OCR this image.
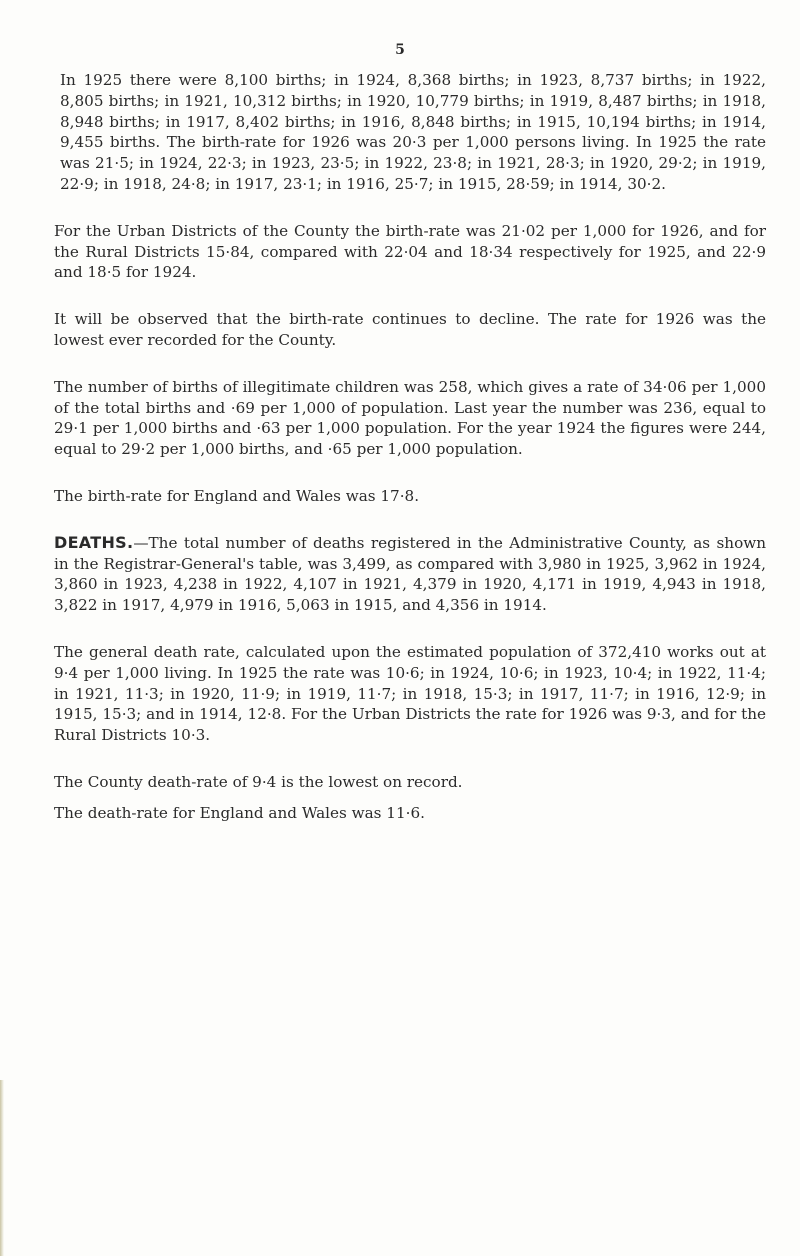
5

In 1925 there were 8,100 births; in 1924, 8,368 births; in 1923, 8,737 births; in 1922, 8,805 births; in 1921, 10,312 births; in 1920, 10,779 births; in 1919, 8,487 births; in 1918, 8,948 births; in 1917, 8,402 births; in 1916, 8,848 births; in 1915, 10,194 births; in 1914, 9,455 births. The birth-rate for 1926 was 20·3 per 1,000 persons living. In 1925 the rate was 21·5; in 1924, 22·3; in 1923, 23·5; in 1922, 23·8; in 1921, 28·3; in 1920, 29·2; in 1919, 22·9; in 1918, 24·8; in 1917, 23·1; in 1916, 25·7; in 1915, 28·59; in 1914, 30·2.

For the Urban Districts of the County the birth-rate was 21·02 per 1,000 for 1926, and for the Rural Districts 15·84, compared with 22·04 and 18·34 respectively for 1925, and 22·9 and 18·5 for 1924.

It will be observed that the birth-rate continues to decline. The rate for 1926 was the lowest ever recorded for the County.

The number of births of illegitimate children was 258, which gives a rate of 34·06 per 1,000 of the total births and ·69 per 1,000 of population. Last year the number was 236, equal to 29·1 per 1,000 births and ·63 per 1,000 population. For the year 1924 the figures were 244, equal to 29·2 per 1,000 births, and ·65 per 1,000 population.

The birth-rate for England and Wales was 17·8.

DEATHS.—The total number of deaths registered in the Administrative County, as shown in the Registrar-General's table, was 3,499, as compared with 3,980 in 1925, 3,962 in 1924, 3,860 in 1923, 4,238 in 1922, 4,107 in 1921, 4,379 in 1920, 4,171 in 1919, 4,943 in 1918, 3,822 in 1917, 4,979 in 1916, 5,063 in 1915, and 4,356 in 1914.

The general death rate, calculated upon the estimated population of 372,410 works out at 9·4 per 1,000 living. In 1925 the rate was 10·6; in 1924, 10·6; in 1923, 10·4; in 1922, 11·4; in 1921, 11·3; in 1920, 11·9; in 1919, 11·7; in 1918, 15·3; in 1917, 11·7; in 1916, 12·9; in 1915, 15·3; and in 1914, 12·8. For the Urban Districts the rate for 1926 was 9·3, and for the Rural Districts 10·3.

The County death-rate of 9·4 is the lowest on record.

The death-rate for England and Wales was 11·6.
